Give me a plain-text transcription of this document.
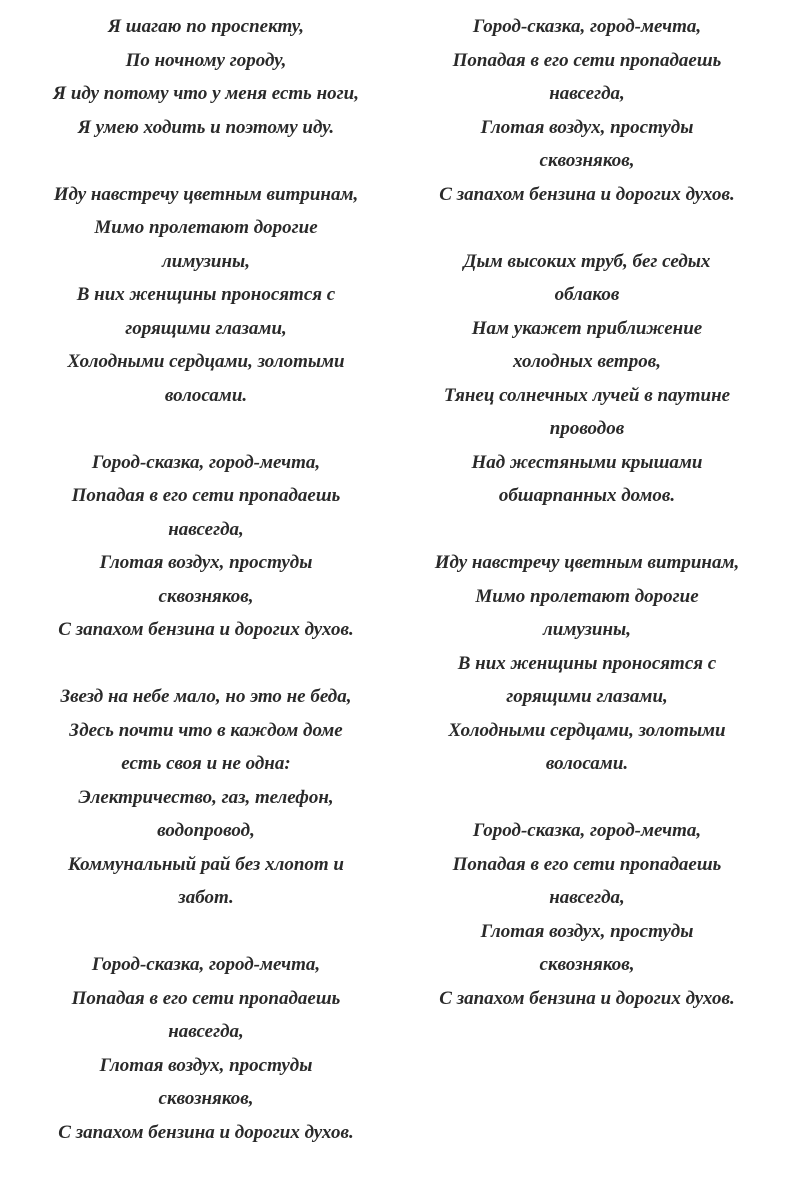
Я шагаю по проспекту,
По ночному городу,
Я иду потому что у меня есть ноги,
Я умею ходить и поэтому иду.
Иду навстречу цветным витринам,
Мимо пролетают дорогие
лимузины,
В них женщины проносятся с
горящими глазами,
Холодными сердцами, золотыми
волосами.
Город-сказка, город-мечта,
Попадая в его сети пропадаешь
навсегда,
Глотая воздух, простуды
сквозняков,
С запахом бензина и дорогих духов.
Звезд на небе мало, но это не беда,
Здесь почти что в каждом доме
есть своя и не одна:
Электричество, газ, телефон,
водопровод,
Коммунальный рай без хлопот и
забот.
Город-сказка, город-мечта,
Попадая в его сети пропадаешь
навсегда,
Глотая воздух, простуды
сквозняков,
С запахом бензина и дорогих духов.
Город-сказка, город-мечта,
Попадая в его сети пропадаешь
навсегда,
Глотая воздух, простуды
сквозняков,
С запахом бензина и дорогих духов.
Дым высоких труб, бег седых
облаков
Нам укажет приближение
холодных ветров,
Тянец солнечных лучей в паутине
проводов
Над жестяными крышами
обшарпанных домов.
Иду навстречу цветным витринам,
Мимо пролетают дорогие
лимузины,
В них женщины проносятся с
горящими глазами,
Холодными сердцами, золотыми
волосами.
Город-сказка, город-мечта,
Попадая в его сети пропадаешь
навсегда,
Глотая воздух, простуды
сквозняков,
С запахом бензина и дорогих духов.
